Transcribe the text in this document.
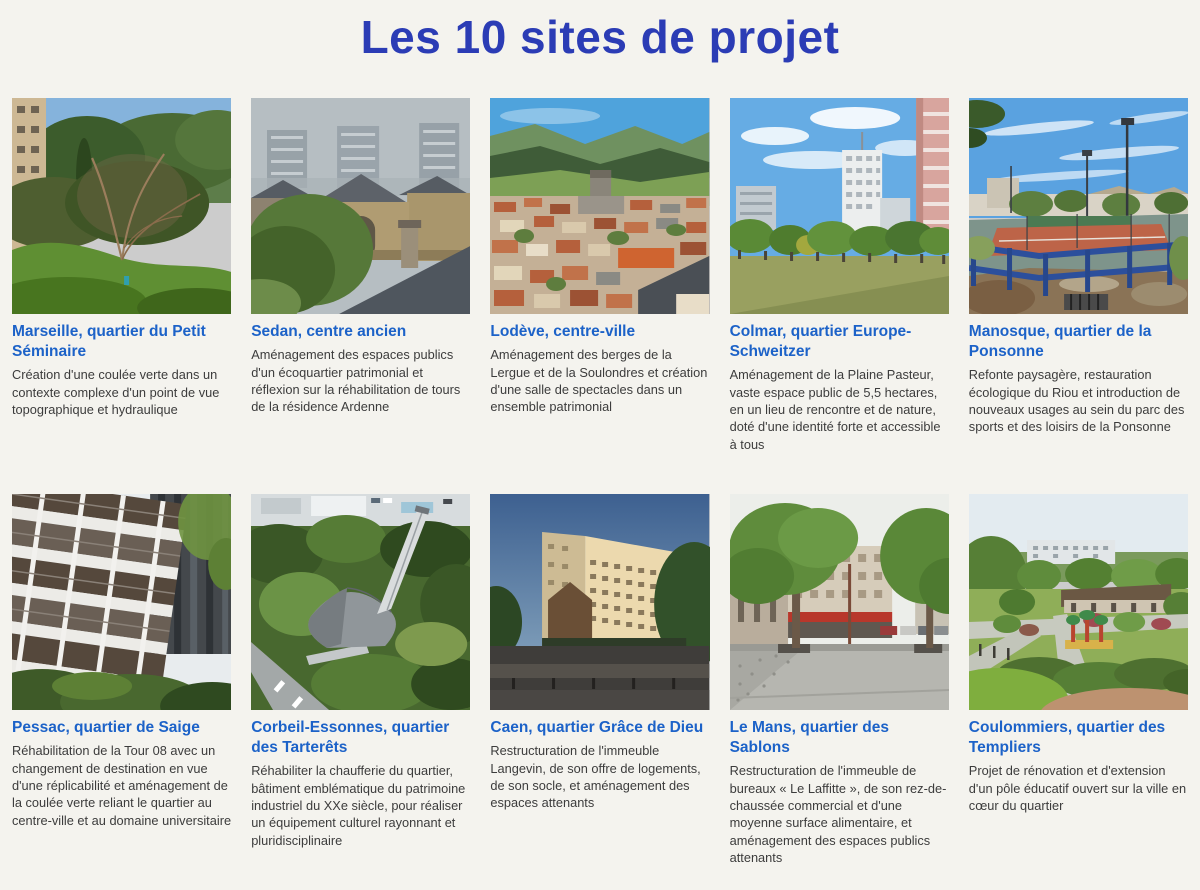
Les 10 sites de projet
Marseille, quartier du Petit Séminaire

Création d'une coulée verte dans un contexte complexe d'un point de vue topographique et hydraulique

Sedan, centre ancien

Aménagement des espaces publics d'un écoquartier patrimonial et réflexion sur la réhabilitation de tours de la résidence Ardenne

Lodève, centre-ville

Aménagement des berges de la Lergue et de la Soulondres et création d'une salle de spectacles dans un ensemble patrimonial

Colmar, quartier Europe-Schweitzer

Aménagement de la Plaine Pasteur, vaste espace public de 5,5 hectares, en un lieu de rencontre et de nature, doté d'une identité forte et accessible à tous

Manosque, quartier de la Ponsonne

Refonte paysagère, restauration écologique du Riou et introduction de nouveaux usages au sein du parc des sports et des loisirs de la Ponsonne

Pessac, quartier de Saige

Réhabilitation de la Tour 08 avec un changement de destination en vue d'une réplicabilité et aménagement de la coulée verte reliant le quartier au centre-ville et au domaine universitaire

Corbeil-Essonnes, quartier des Tarterêts

Réhabiliter la chaufferie du quartier, bâtiment emblématique du patrimoine industriel du XXe siècle, pour réaliser un équipement culturel rayonnant et pluridisciplinaire

Caen, quartier Grâce de Dieu

Restructuration de l'immeuble Langevin, de son offre de logements, de son socle, et aménagement des espaces attenants

Le Mans, quartier des Sablons

Restructuration de l'immeuble de bureaux « Le Laffitte », de son rez-de-chaussée commercial et d'une moyenne surface alimentaire, et aménagement des espaces publics attenants

Coulommiers, quartier des Templiers

Projet de rénovation et d'extension d'un pôle éducatif ouvert sur la ville en cœur du quartier
